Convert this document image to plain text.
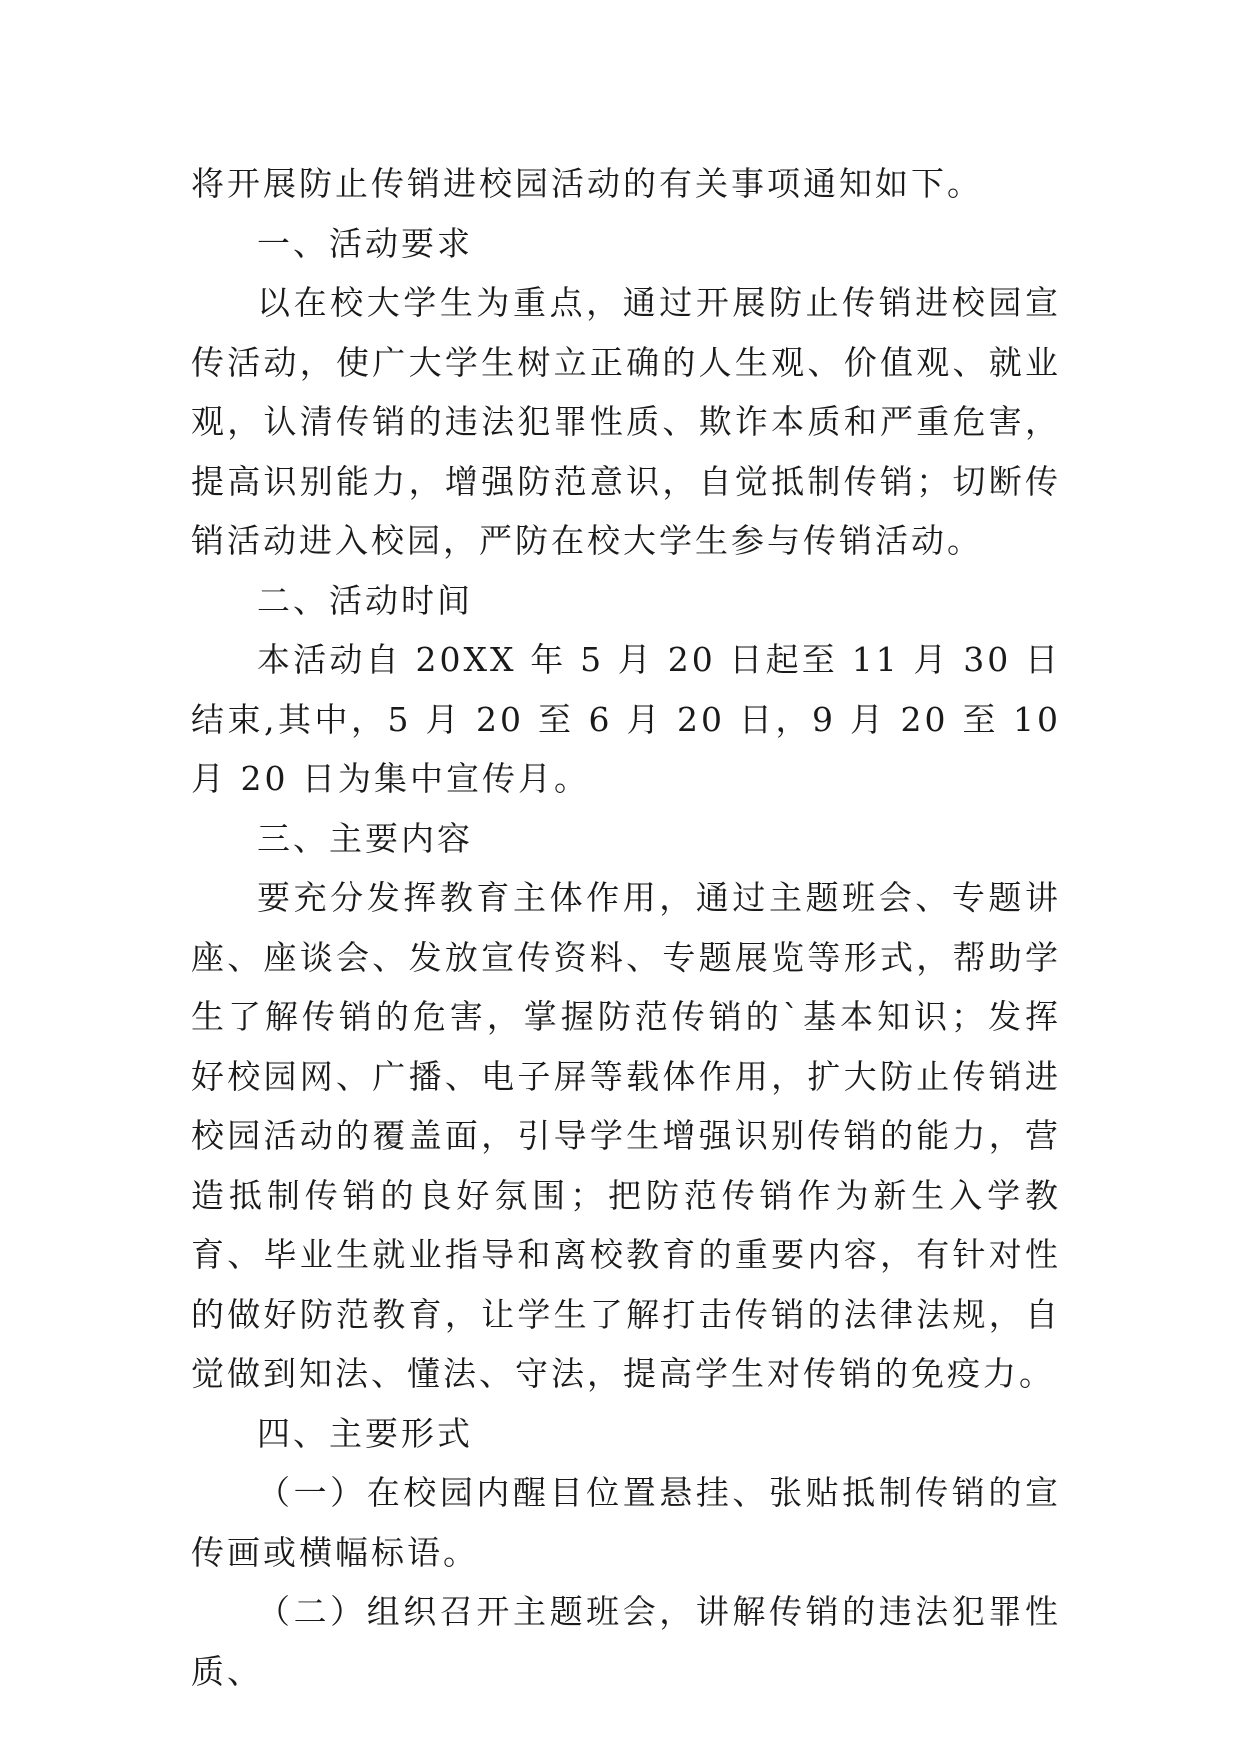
将开展防止传销进校园活动的有关事项通知如下。

一、活动要求

以在校大学生为重点，通过开展防止传销进校园宣传活动，使广大学生树立正确的人生观、价值观、就业观，认清传销的违法犯罪性质、欺诈本质和严重危害，提高识别能力，增强防范意识，自觉抵制传销；切断传销活动进入校园，严防在校大学生参与传销活动。

二、活动时间

本活动自 20XX 年 5 月 20 日起至 11 月 30 日结束,其中，5 月 20 至 6 月 20 日，9 月 20 至 10 月 20 日为集中宣传月。

三、主要内容

要充分发挥教育主体作用，通过主题班会、专题讲座、座谈会、发放宣传资料、专题展览等形式，帮助学生了解传销的危害，掌握防范传销的`基本知识；发挥好校园网、广播、电子屏等载体作用，扩大防止传销进校园活动的覆盖面，引导学生增强识别传销的能力，营造抵制传销的良好氛围；把防范传销作为新生入学教育、毕业生就业指导和离校教育的重要内容，有针对性的做好防范教育，让学生了解打击传销的法律法规，自觉做到知法、懂法、守法，提高学生对传销的免疫力。

四、主要形式

（一）在校园内醒目位置悬挂、张贴抵制传销的宣传画或横幅标语。

（二）组织召开主题班会，讲解传销的违法犯罪性质、
